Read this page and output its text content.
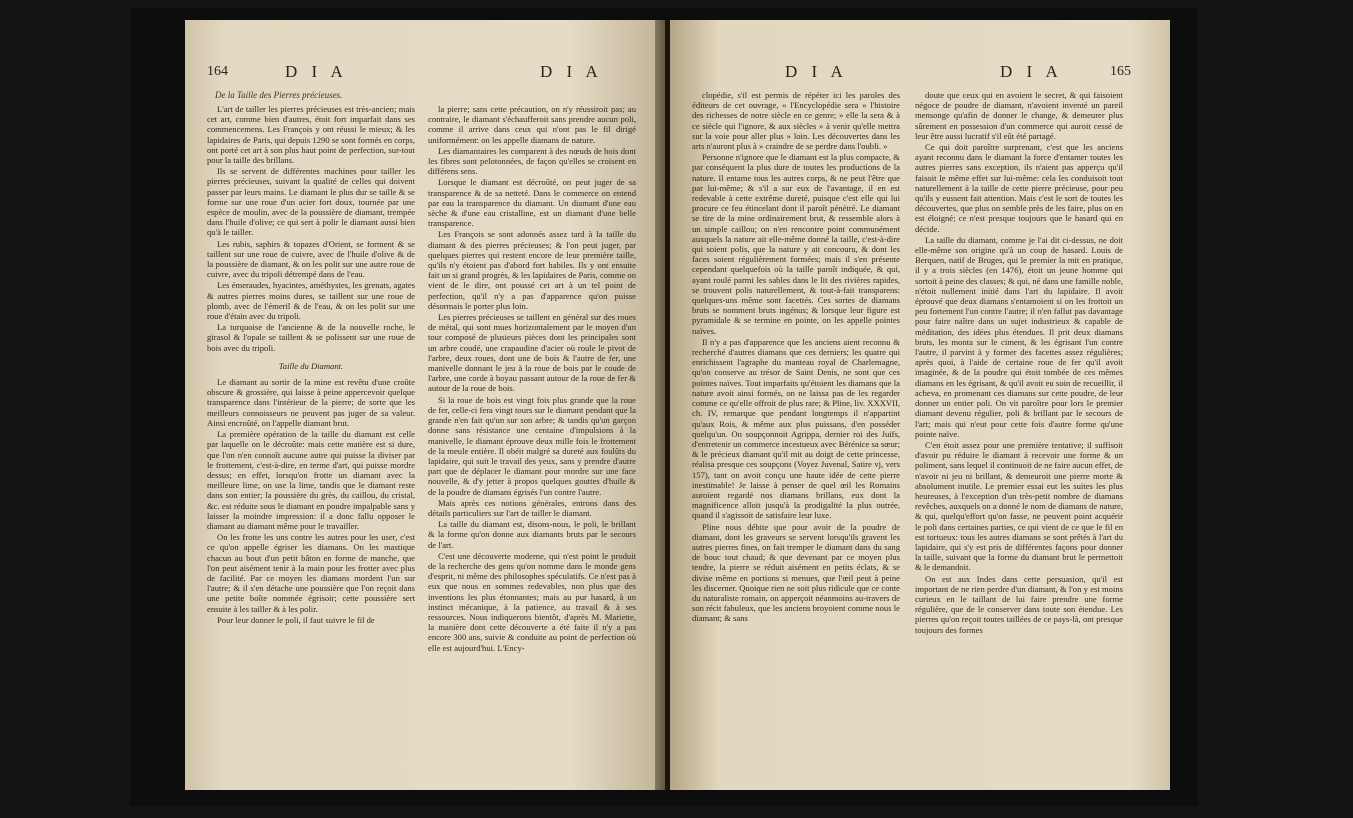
164	D I A	D I A
De la Taille des Pierres précieuses.

L'art de tailler les pierres précieuses est très-ancien; mais cet art, comme bien d'autres, étoit fort imparfait dans ses commencemens. Les François y ont réussi le mieux; & les lapidaires de Paris, qui depuis 1290 se sont formés en corps, ont porté cet art à son plus haut point de perfection, sur-tout pour la taille des brillans.

Ils se servent de différentes machines pour tailler les pierres précieuses, suivant la qualité de celles qui doivent passer par leurs mains. Le diamant le plus dur se taille & se forme sur une roue d'un acier fort doux, tournée par une espèce de moulin, avec de la poussière de diamant, trempée dans l'huile d'olive; ce qui sert à polir le diamant aussi bien qu'à le tailler.

Les rubis, saphirs & topazes d'Orient, se forment & se taillent sur une roue de cuivre, avec de l'huile d'olive & de la poussière de diamant, & on les polit sur une autre roue de cuivre, avec du tripoli détrempé dans de l'eau.

Les émeraudes, hyacintes, améthystes, les grenats, agates & autres pierres moins dures, se taillent sur une roue de plomb, avec de l'émeril & de l'eau, & on les polit sur une roue d'étain avec du tripoli.

La turquoise de l'ancienne & de la nouvelle roche, le girasol & l'opale se taillent & se polissent sur une roue de bois avec du tripoli.

Taille du Diamant.

Le diamant au sortir de la mine est revêtu d'une croûte obscure & grossière, qui laisse à peine appercevoir quelque transparence dans l'intérieur de la pierre; de sorte que les meilleurs connoisseurs ne peuvent pas juger de sa valeur. Ainsi encroûté, on l'appelle diamant brut.

La première opération de la taille du diamant est celle par laquelle on le décroûte: mais cette matière est si dure, que l'on n'en connoît aucune autre qui puisse la diviser par le frottement, c'est-à-dire, en terme d'art, qui puisse mordre dessus; en effet, lorsqu'on frotte un diamant avec la meilleure lime, on use la lime, tandis que le diamant reste dans son entier; la poussière du grès, du caillou, du cristal, &c. est réduite sous le diamant en poudre impalpable sans y laisser la moindre impression: il a donc fallu opposer le diamant au diamant même pour le travailler.

On les frotte les uns contre les autres pour les user, c'est ce qu'on appelle égriser les diamans. On les mastique chacun au bout d'un petit bâton en forme de manche, que l'on peut aisément tenir à la main pour les frotter avec plus de facilité. Par ce moyen les diamans mordent l'un sur l'autre; & il s'en détache une poussière que l'on reçoit dans une petite boîte nommée égrisoir; cette poussière sert ensuite à les tailler & à les polir.

Pour leur donner le poli, il faut suivre le fil de

la pierre; sans cette précaution, on n'y réussiroit pas; au contraire, le diamant s'échaufferoit sans prendre aucun poli, comme il arrive dans ceux qui n'ont pas le fil dirigé uniformément: on les appelle diamans de nature.

Les diamantaires les comparent à des nœuds de bois dont les fibres sont pelotonnées, de façon qu'elles se croisent en différens sens.

Lorsque le diamant est décroûté, on peut juger de sa transparence & de sa netteté. Dans le commerce on entend par eau la transparence du diamant. Un diamant d'une eau sèche & d'une eau cristalline, est un diamant d'une belle transparence.

Les François se sont adonnés assez tard à la taille du diamant & des pierres précieuses; & l'on peut juger, par quelques pierres qui restent encore de leur première taille, qu'ils n'y étoient pas d'abord fort habiles. Ils y ont ensuite fait un si grand progrès, & les lapidaires de Paris, comme on vient de le dire, ont poussé cet art à un tel point de perfection, qu'il n'y a pas d'apparence qu'on puisse désormais le porter plus loin.

Les pierres précieuses se taillent en général sur des roues de métal, qui sont mues horizontalement par le moyen d'un tour composé de plusieurs pièces dont les principales sont un arbre coudé, une crapaudine d'acier où roule le pivot de l'arbre, deux roues, dont une de bois & l'autre de fer, une manivelle donnant le jeu à la roue de bois par le coude de l'arbre, une corde à boyau passant autour de la roue de fer & autour de la roue de bois.

Si la roue de bois est vingt fois plus grande que la roue de fer, celle-ci fera vingt tours sur le diamant pendant que la grande n'en fait qu'un sur son arbre; & tandis qu'un garçon donne sans résistance une centaine d'impulsions à la manivelle, le diamant éprouve deux mille fois le frottement de la meule entière. Il obéit malgré sa dureté aux foulûts du lapidaire, qui suit le travail des yeux, sans y prendre d'autre part que de déplacer le diamant pour mordre sur une face nouvelle, & d'y jetter à propos quelques gouttes d'huile & de la poudre de diamans égrisés l'un contre l'autre.

Mais après ces notions générales, entrons dans des détails particuliers sur l'art de tailler le diamant.

La taille du diamant est, disons-nous, le poli, le brillant & la forme qu'on donne aux diamants bruts par le secours de l'art.

C'est une découverte moderne, qui n'est point le produit de la recherche des gens qu'on nomme dans le monde gens d'esprit, ni même des philosophes spéculatifs. Ce n'est pas à eux que nous en sommes redevables, non plus que des inventions les plus étonnantes; mais au pur hasard, à un instinct mécanique, à la patience, au travail & à ses ressources. Nous indiquerons bientôt, d'après M. Mariette, la manière dont cette découverte a été faite il n'y a pas encore 300 ans, suivie & conduite au point de perfection où elle est aujourd'hui. L'Ency-

D I A	D I A	165

clopédie, s'il est permis de répéter ici les paroles des éditeurs de cet ouvrage, « l'Encyclopédie sera » l'histoire des richesses de notre siècle en ce genre; » elle la sera & à ce siècle qui l'ignore, & aux siècles » à venir qu'elle mettra sur la voie pour aller plus » loin. Les découvertes dans les arts n'auront plus à » craindre de se perdre dans l'oubli. »

Personne n'ignore que le diamant est la plus compacte, & par conséquent la plus dure de toutes les productions de la nature. Il entame tous les autres corps, & ne peut l'être que par lui-même; & s'il a sur eux de l'avantage, il en est redevable à cette extrême dureté, puisque c'est elle qui lui procure ce feu étincelant dont il paroît pénétré. Le diamant se tire de la mine ordinairement brut, & ressemble alors à un simple caillou; on n'en rencontre point communément auxquels la nature ait elle-même donné la taille, c'est-à-dire qui soient polis, que la nature y ait concouru, & dont les faces soient régulièrement formées; mais il s'en présente cependant quelquefois où la taille paroît indiquée, & qui, ayant roulé parmi les sables dans le lit des rivières rapides, se trouvent polis naturellement, & tout-à-fait transparens: quelques-uns même sont facettés. Ces sortes de diamans bruts se nomment bruts ingénus; & lorsque leur figure est pyramidale & se termine en pointe, on les appelle pointes naïves.

Il n'y a pas d'apparence que les anciens aient reconnu & recherché d'autres diamans que ces derniers; les quatre qui enrichissent l'agraphe du manteau royal de Charlemagne, qu'on conserve au trésor de Saint Denis, ne sont que ces pointes naïves. Tout imparfaits qu'étoient les diamans que la nature avoit ainsi formés, on ne laissa pas de les regarder comme ce qu'elle offroit de plus rare; & Pline, liv. XXXVII, ch. IV, remarque que pendant longtemps il n'appartint qu'aux Rois, & même aux plus puissans, d'en posséder quelqu'un. On soupçonnoit Agrippa, dernier roi des Juifs, d'entretenir un commerce incestueux avec Bérénice sa sœur; & le précieux diamant qu'il mit au doigt de cette princesse, réalisa presque ces soupçons (Voyez Juvenal, Satire vj, vers 157), tant on avoit conçu une haute idée de cette pierre inestimable! Je laisse à penser de quel œil les Romains auroient regardé nos diamans brillans, eux dont la magnificence alloit jusqu'à la prodigalité la plus outrée, quand il s'agissoit de satisfaire leur luxe.

Pline nous débite que pour avoir de la poudre de diamant, dont les graveurs se servent lorsqu'ils gravent les autres pierres fines, on fait tremper le diamant dans du sang de bouc tout chaud; & que devenant par ce moyen plus tendre, la pierre se réduit aisément en petits éclats, & se divise même en portions si menues, que l'œil peut à peine les discerner. Quoique rien ne soit plus ridicule que ce conte du naturaliste romain, on apperçoit néanmoins au-travers de son récit fabuleux, que les anciens broyoient comme nous le diamant; & sans

doute que ceux qui en avoient le secret, & qui faisoient négoce de poudre de diamant, n'avoient inventé un pareil mensonge qu'afin de donner le change, & demeurer plus sûrement en possession d'un commerce qui auroit cessé de leur être aussi lucratif s'il eût été partagé.

Ce qui doit paroître surprenant, c'est que les anciens ayant reconnu dans le diamant la force d'entamer toutes les autres pierres sans exception, ils n'aient pas apperçu qu'il faisoit le même effet sur lui-même: cela les conduisoit tout naturellement à la taille de cette pierre précieuse, pour peu qu'ils y eussent fait attention. Mais c'est le sort de toutes les découvertes, que plus on semble près de les faire, plus on en est éloigné; ce n'est presque toujours que le hasard qui en décide.

La taille du diamant, comme je l'ai dit ci-dessus, ne doit elle-même son origine qu'à un coup de hasard. Louis de Berquen, natif de Bruges, qui le premier la mit en pratique, il y a trois siècles (en 1476), étoit un jeune homme qui sortoit à peine des classes; & qui, né dans une famille noble, n'étoit nullement initié dans l'art du lapidaire. Il avoit éprouvé que deux diamans s'entamoient si on les frottoit un peu fortement l'un contre l'autre; il n'en fallut pas davantage pour faire naître dans un sujet industrieux & capable de méditation, des idées plus étendues. Il prit deux diamans bruts, les monta sur le ciment, & les égrisant l'un contre l'autre, il parvint à y former des facettes assez régulières; après quoi, à l'aide de certaine roue de fer qu'il avoit imaginée, & de la poudre qui étoit tombée de ces mêmes diamans en les égrisant, & qu'il avoit eu soin de recueillir, il acheva, en promenant ces diamans sur cette poudre, de leur donner un entier poli. On vit paroître pour lors le premier diamant devenu régulier, poli & brillant par le secours de l'art; mais qui n'eut pour cette fois d'autre forme qu'une pointe naïve.

C'en étoit assez pour une première tentative; il suffisoit d'avoir pu réduire le diamant à recevoir une forme & un poliment, sans lequel il continuoit de ne faire aucun effet, de n'avoir ni jeu ni brillant, & demeuroit une pierre morte & absolument inutile. Le premier essai eut les suites les plus heureuses, à l'exception d'un très-petit nombre de diamans revêches, auxquels on a donné le nom de diamans de nature, & qui, quelqu'effort qu'on fasse, ne peuvent point acquérir le poli dans certaines parties, ce qui vient de ce que le fil en est tortueux: tous les autres diamans se sont prêtés à l'art du lapidaire, qui s'y est pris de différentes façons pour donner la taille, suivant que la forme du diamant brut le permettoit & le demandoit.

On est aux Indes dans cette persuasion, qu'il est important de ne rien perdre d'un diamant, & l'on y est moins curieux en le taillant de lui faire prendre une forme régulière, que de le conserver dans toute son étendue. Les pierres qu'on reçoit toutes taillées de ce pays-là, ont presque toujours des formes
